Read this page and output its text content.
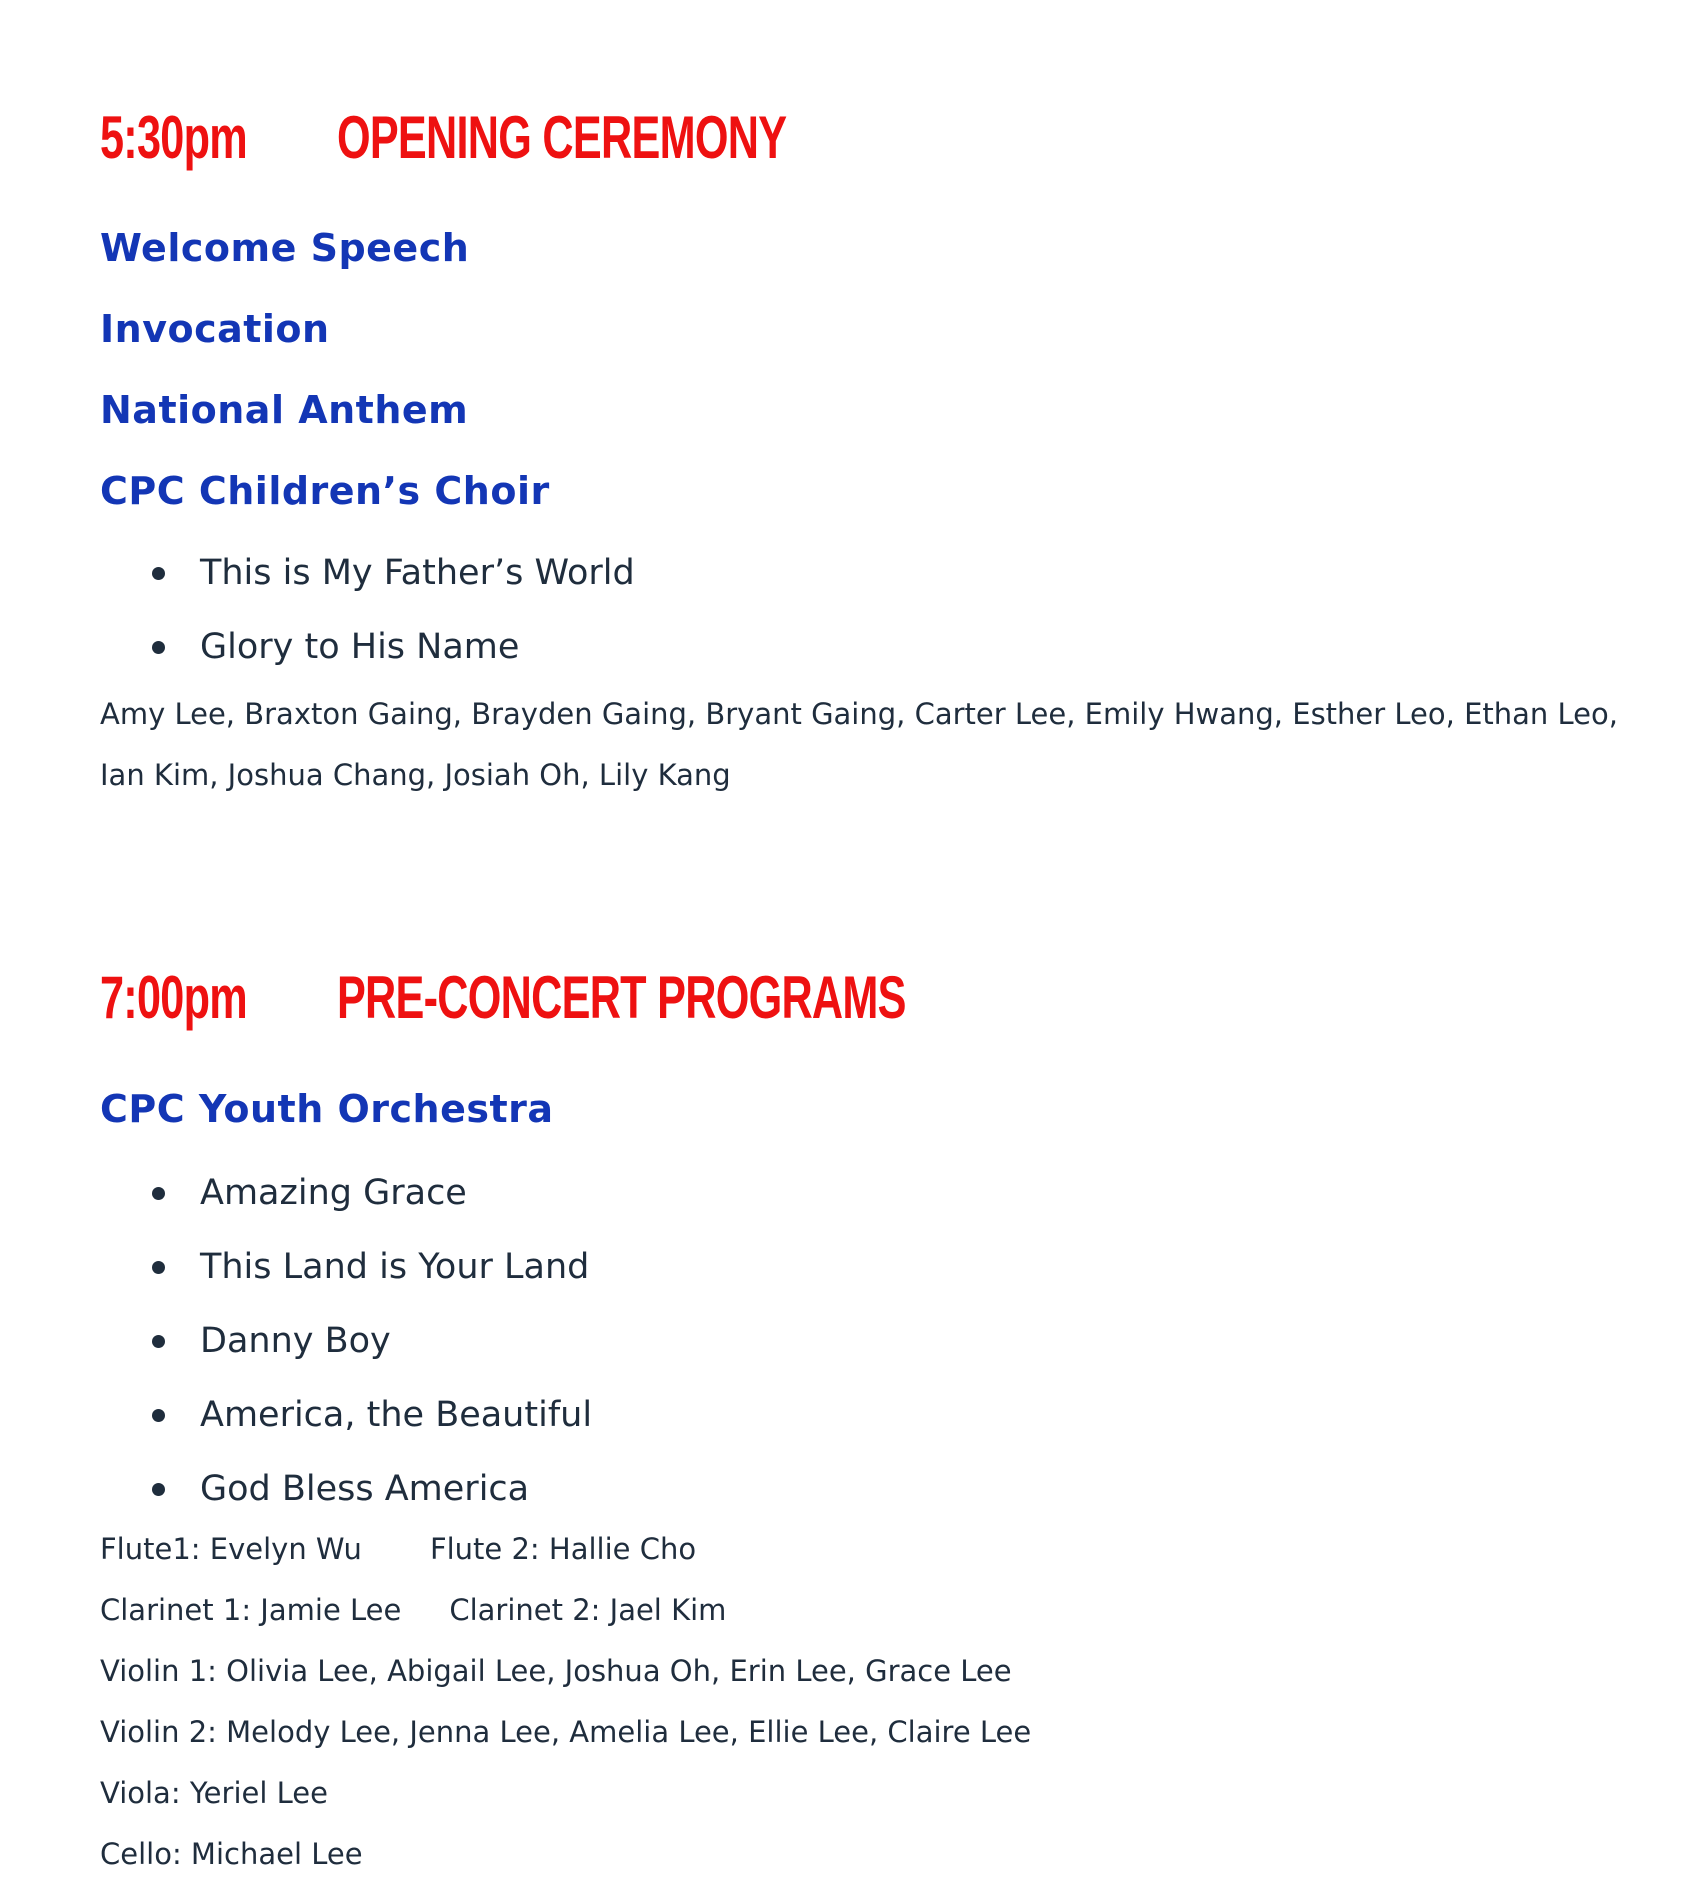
5:30pm OPENING CEREMONY
Welcome Speech
Invocation
National Anthem
CPC Children’s Choir
This is My Father’s World
Glory to His Name
Amy Lee, Braxton Gaing, Brayden Gaing, Bryant Gaing, Carter Lee, Emily Hwang, Esther Leo, Ethan Leo,
Ian Kim, Joshua Chang, Josiah Oh, Lily Kang
7:00pm PRE-CONCERT PROGRAMS
CPC Youth Orchestra
Amazing Grace
This Land is Your Land
Danny Boy
America, the Beautiful
God Bless America
Flute1: Evelyn Wu Flute 2: Hallie Cho
Clarinet 1: Jamie Lee Clarinet 2: Jael Kim
Violin 1: Olivia Lee, Abigail Lee, Joshua Oh, Erin Lee, Grace Lee
Violin 2: Melody Lee, Jenna Lee, Amelia Lee, Ellie Lee, Claire Lee
Viola: Yeriel Lee
Cello: Michael Lee
